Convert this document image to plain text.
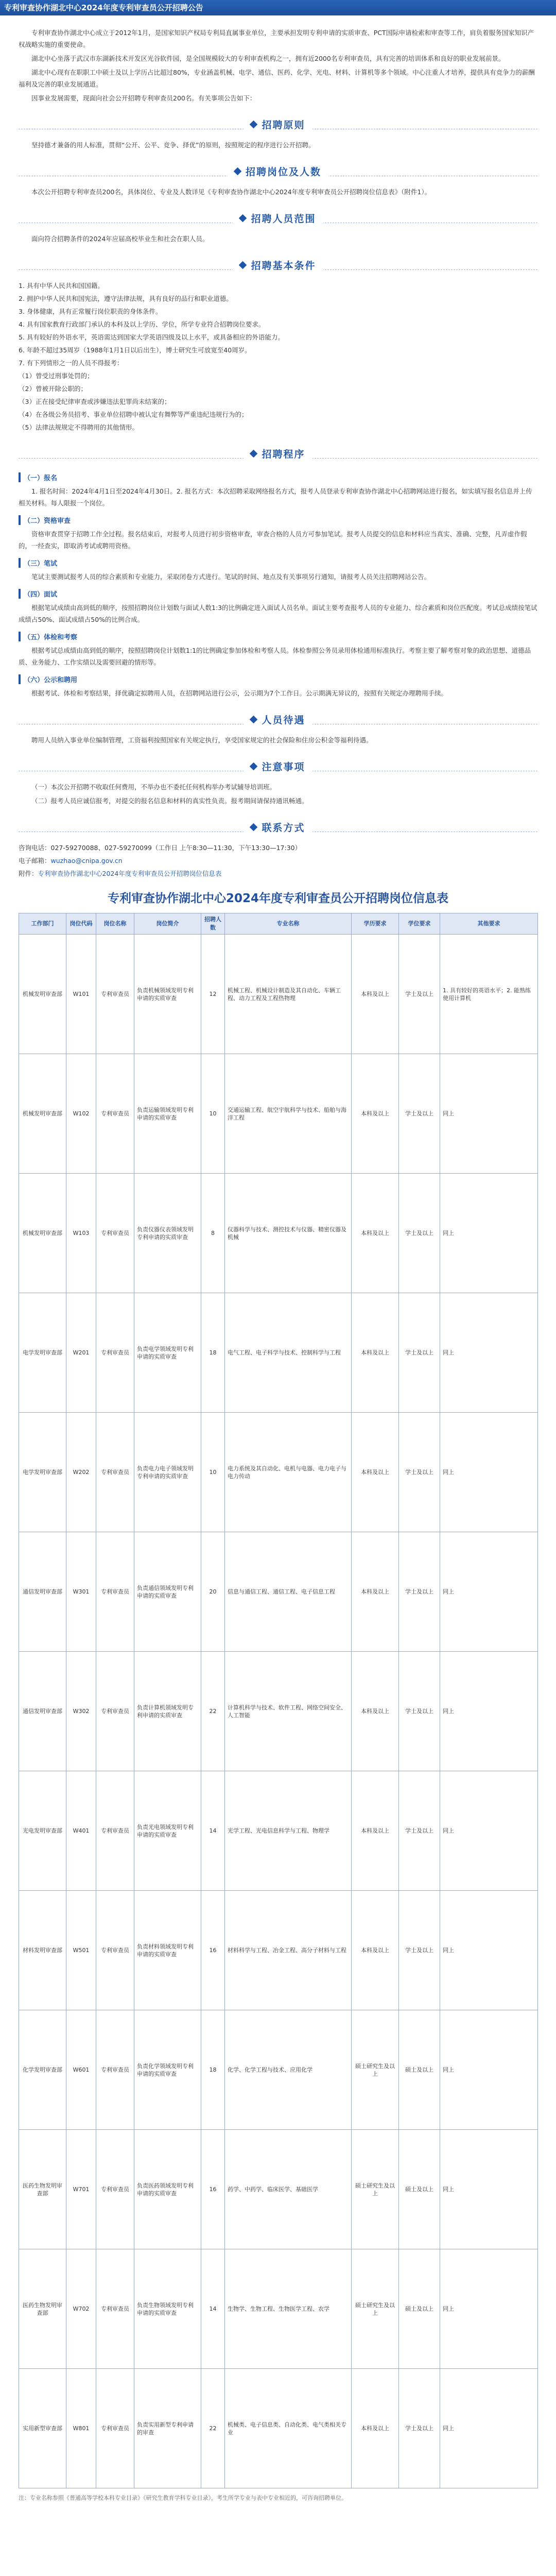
专利审查协作湖北中心2024年度专利审查员公开招聘公告

专利审查协作湖北中心成立于2012年1月，是国家知识产权局专利局直属事业单位，主要承担发明专利申请的实质审查、PCT国际申请检索和审查等工作，肩负着服务国家知识产权战略实施的重要使命。

湖北中心坐落于武汉市东湖新技术开发区光谷软件园，是全国规模较大的专利审查机构之一，拥有近2000名专利审查员，具有完善的培训体系和良好的职业发展前景。

湖北中心现有在职职工中硕士及以上学历占比超过80%，专业涵盖机械、电学、通信、医药、化学、光电、材料、计算机等多个领域。中心注重人才培养，提供具有竞争力的薪酬福利及完善的职业发展通道。

因事业发展需要，现面向社会公开招聘专利审查员200名。有关事项公告如下：

招聘原则

坚持德才兼备的用人标准，贯彻“公开、公平、竞争、择优”的原则，按照规定的程序进行公开招聘。

招聘岗位及人数

本次公开招聘专利审查员200名，具体岗位、专业及人数详见《专利审查协作湖北中心2024年度专利审查员公开招聘岗位信息表》（附件1）。

招聘人员范围

面向符合招聘条件的2024年应届高校毕业生和社会在职人员。

招聘基本条件

1. 具有中华人民共和国国籍。

2. 拥护中华人民共和国宪法，遵守法律法规，具有良好的品行和职业道德。

3. 身体健康，具有正常履行岗位职责的身体条件。

4. 具有国家教育行政部门承认的本科及以上学历、学位，所学专业符合招聘岗位要求。

5. 具有较好的外语水平，英语需达到国家大学英语四级及以上水平，或具备相应的外语能力。

6. 年龄不超过35周岁（1988年1月1日以后出生），博士研究生可放宽至40周岁。

7. 有下列情形之一的人员不得报考：

（1）曾受过刑事处罚的；

（2）曾被开除公职的；

（3）正在接受纪律审查或涉嫌违法犯罪尚未结案的；

（4）在各级公务员招考、事业单位招聘中被认定有舞弊等严重违纪违规行为的；

（5）法律法规规定不得聘用的其他情形。

招聘程序
（一）报名

1. 报名时间：2024年4月1日至2024年4月30日。2. 报名方式：本次招聘采取网络报名方式，报考人员登录专利审查协作湖北中心招聘网站进行报名，如实填写报名信息并上传相关材料。每人限报一个岗位。

（二）资格审查

资格审查贯穿于招聘工作全过程。报名结束后，对报考人员进行初步资格审查，审查合格的人员方可参加笔试。报考人员提交的信息和材料应当真实、准确、完整，凡弄虚作假的，一经查实，即取消考试或聘用资格。

（三）笔试

笔试主要测试报考人员的综合素质和专业能力，采取闭卷方式进行。笔试的时间、地点及有关事项另行通知，请报考人员关注招聘网站公告。

（四）面试

根据笔试成绩由高到低的顺序，按照招聘岗位计划数与面试人数1:3的比例确定进入面试人员名单。面试主要考查报考人员的专业能力、综合素质和岗位匹配度。考试总成绩按笔试成绩占50%、面试成绩占50%的比例合成。

（五）体检和考察

根据考试总成绩由高到低的顺序，按照招聘岗位计划数1:1的比例确定参加体检和考察人员。体检参照公务员录用体检通用标准执行。考察主要了解考察对象的政治思想、道德品质、业务能力、工作实绩以及需要回避的情形等。

（六）公示和聘用

根据考试、体检和考察结果，择优确定拟聘用人员，在招聘网站进行公示，公示期为7个工作日。公示期满无异议的，按照有关规定办理聘用手续。

人员待遇

聘用人员纳入事业单位编制管理，工资福利按照国家有关规定执行，享受国家规定的社会保险和住房公积金等福利待遇。

注意事项

（一）本次公开招聘不收取任何费用，不举办也不委托任何机构举办考试辅导培训班。

（二）报考人员应诚信报考，对提交的报名信息和材料的真实性负责。报考期间请保持通讯畅通。

联系方式

咨询电话：027-59270088、027-59270099（工作日 上午8:30—11:30，下午13:30—17:30）

电子邮箱：wuzhao@cnipa.gov.cn

附件：专利审查协作湖北中心2024年度专利审查员公开招聘岗位信息表

专利审查协作湖北中心2024年度专利审查员公开招聘岗位信息表
工作部门	岗位代码	岗位名称	岗位简介	招聘人数	专业名称	学历要求	学位要求	其他要求
机械发明审查部	W101	专利审查员	负责机械领域发明专利申请的实质审查	12	机械工程、机械设计制造及其自动化、车辆工程、动力工程及工程热物理	本科及以上	学士及以上	1. 具有较好的英语水平；2. 能熟练使用计算机
机械发明审查部	W102	专利审查员	负责运输领域发明专利申请的实质审查	10	交通运输工程、航空宇航科学与技术、船舶与海洋工程	本科及以上	学士及以上	同上
机械发明审查部	W103	专利审查员	负责仪器仪表领域发明专利申请的实质审查	8	仪器科学与技术、测控技术与仪器、精密仪器及机械	本科及以上	学士及以上	同上
电学发明审查部	W201	专利审查员	负责电学领域发明专利申请的实质审查	18	电气工程、电子科学与技术、控制科学与工程	本科及以上	学士及以上	同上
电学发明审查部	W202	专利审查员	负责电力电子领域发明专利申请的实质审查	10	电力系统及其自动化、电机与电器、电力电子与电力传动	本科及以上	学士及以上	同上
通信发明审查部	W301	专利审查员	负责通信领域发明专利申请的实质审查	20	信息与通信工程、通信工程、电子信息工程	本科及以上	学士及以上	同上
通信发明审查部	W302	专利审查员	负责计算机领域发明专利申请的实质审查	22	计算机科学与技术、软件工程、网络空间安全、人工智能	本科及以上	学士及以上	同上
光电发明审查部	W401	专利审查员	负责光电领域发明专利申请的实质审查	14	光学工程、光电信息科学与工程、物理学	本科及以上	学士及以上	同上
材料发明审查部	W501	专利审查员	负责材料领域发明专利申请的实质审查	16	材料科学与工程、冶金工程、高分子材料与工程	本科及以上	学士及以上	同上
化学发明审查部	W601	专利审查员	负责化学领域发明专利申请的实质审查	18	化学、化学工程与技术、应用化学	硕士研究生及以上	硕士及以上	同上
医药生物发明审查部	W701	专利审查员	负责医药领域发明专利申请的实质审查	16	药学、中药学、临床医学、基础医学	硕士研究生及以上	硕士及以上	同上
医药生物发明审查部	W702	专利审查员	负责生物领域发明专利申请的实质审查	14	生物学、生物工程、生物医学工程、农学	硕士研究生及以上	硕士及以上	同上
实用新型审查部	W801	专利审查员	负责实用新型专利申请的审查	22	机械类、电子信息类、自动化类、电气类相关专业	本科及以上	学士及以上	同上
注：专业名称参照《普通高等学校本科专业目录》《研究生教育学科专业目录》，考生所学专业与表中专业相近的，可咨询招聘单位。
